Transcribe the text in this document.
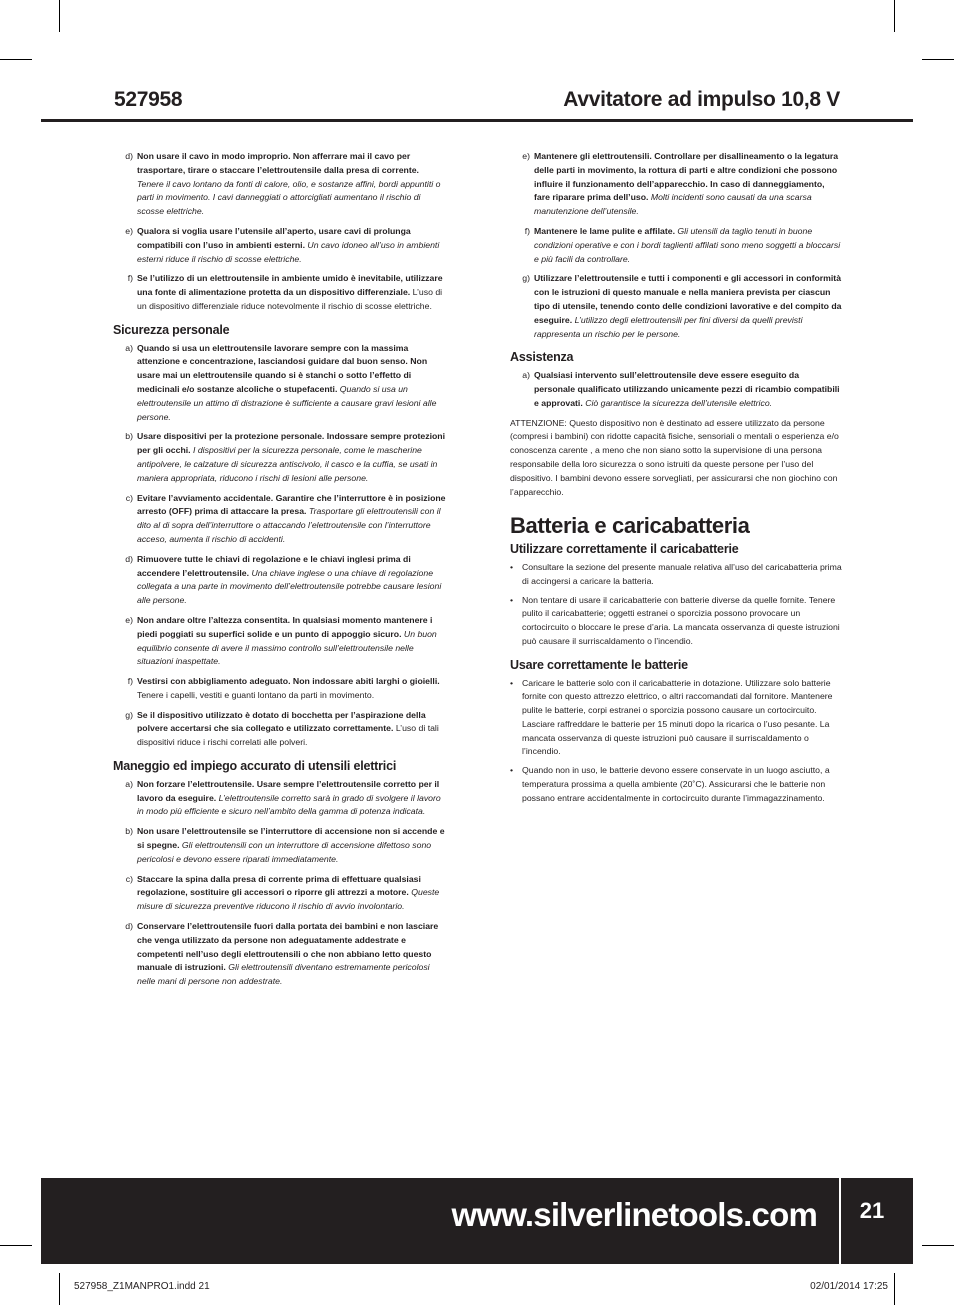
527958	Avvitatore ad impulso 10,8 V
d) Non usare il cavo in modo improprio. Non afferrare mai il cavo per trasportare, tirare o staccare l’elettroutensile dalla presa di corrente. Tenere il cavo lontano da fonti di calore, olio, e sostanze affini, bordi appuntiti o parti in movimento. I cavi danneggiati o attorcigliati aumentano il rischio di scosse elettriche.
e) Qualora si voglia usare l’utensile all’aperto, usare cavi di prolunga compatibili con l’uso in ambienti esterni. Un cavo idoneo all’uso in ambienti esterni riduce il rischio di scosse elettriche.
f) Se l’utilizzo di un elettroutensile in ambiente umido è inevitabile, utilizzare una fonte di alimentazione protetta da un dispositivo differenziale. L’uso di un dispositivo differenziale riduce notevolmente il rischio di scosse elettriche.
Sicurezza personale
a) Quando si usa un elettroutensile lavorare sempre con la massima attenzione e concentrazione, lasciandosi guidare dal buon senso. Non usare mai un elettroutensile quando si è stanchi o sotto l’effetto di medicinali e/o sostanze alcoliche o stupefacenti. Quando si usa un elettroutensile un attimo di distrazione è sufficiente a causare gravi lesioni alle persone.
b) Usare dispositivi per la protezione personale. Indossare sempre protezioni per gli occhi. I dispositivi per la sicurezza personale, come le mascherine antipolvere, le calzature di sicurezza antiscivolo, il casco e la cuffia, se usati in maniera appropriata, riducono i rischi di lesioni alle persone.
c) Evitare l’avviamento accidentale. Garantire che l’interruttore è in posizione arresto (OFF) prima di attaccare la presa. Trasportare gli elettroutensili con il dito al di sopra dell’interruttore o attaccando l’elettroutensile con l’interruttore acceso, aumenta il rischio di accidenti.
d) Rimuovere tutte le chiavi di regolazione e le chiavi inglesi prima di accendere l’elettroutensile. Una chiave inglese o una chiave di regolazione collegata a una parte in movimento dell’elettroutensile potrebbe causare lesioni alle persone.
e) Non andare oltre l’altezza consentita. In qualsiasi momento mantenere i piedi poggiati su superfici solide e un punto di appoggio sicuro. Un buon equilibrio consente di avere il massimo controllo sull’elettroutensile nelle situazioni inaspettate.
f) Vestirsi con abbigliamento adeguato. Non indossare abiti larghi o gioielli. Tenere i capelli, vestiti e guanti lontano da parti in movimento.
g) Se il dispositivo utilizzato è dotato di bocchetta per l’aspirazione della polvere accertarsi che sia collegato e utilizzato correttamente. L’uso di tali dispositivi riduce i rischi correlati alle polveri.
Maneggio ed impiego accurato di utensili elettrici
a) Non forzare l’elettroutensile. Usare sempre l’elettroutensile corretto per il lavoro da eseguire. L’elettroutensile corretto sarà in grado di svolgere il lavoro in modo più efficiente e sicuro nell’ambito della gamma di potenza indicata.
b) Non usare l’elettroutensile se l’interruttore di accensione non si accende e si spegne. Gli elettroutensili con un interruttore di accensione difettoso sono pericolosi e devono essere riparati immediatamente.
c) Staccare la spina dalla presa di corrente prima di effettuare qualsiasi regolazione, sostituire gli accessori o riporre gli attrezzi a motore. Queste misure di sicurezza preventive riducono il rischio di avvio involontario.
d) Conservare l’elettroutensile fuori dalla portata dei bambini e non lasciare che venga utilizzato da persone non adeguatamente addestrate e competenti nell’uso degli elettroutensili o che non abbiano letto questo manuale di istruzioni. Gli elettroutensili diventano estremamente pericolosi nelle mani di persone non addestrate.
e) Mantenere gli elettroutensili. Controllare per disallineamento o la legatura delle parti in movimento, la rottura di parti e altre condizioni che possono influire il funzionamento dell’apparecchio. In caso di danneggiamento, fare riparare prima dell’uso. Molti incidenti sono causati da una scarsa manutenzione dell’utensile.
f) Mantenere le lame pulite e affilate. Gli utensili da taglio tenuti in buone condizioni operative e con i bordi taglienti affilati sono meno soggetti a bloccarsi e più facili da controllare.
g) Utilizzare l’elettroutensile e tutti i componenti e gli accessori in conformità con le istruzioni di questo manuale e nella maniera prevista per ciascun tipo di utensile, tenendo conto delle condizioni lavorative e del compito da eseguire. L’utilizzo degli elettroutensili per fini diversi da quelli previsti rappresenta un rischio per le persone.
Assistenza
a) Qualsiasi intervento sull’elettroutensile deve essere eseguito da personale qualificato utilizzando unicamente pezzi di ricambio compatibili e approvati. Ciò garantisce la sicurezza dell’utensile elettrico.
ATTENZIONE: Questo dispositivo non è destinato ad essere utilizzato da persone (compresi i bambini) con ridotte capacità fisiche, sensoriali o mentali o esperienza e/o conoscenza carente , a meno che non siano sotto la supervisione di una persona responsabile della loro sicurezza o sono istruiti da queste persone per l’uso del dispositivo. I bambini devono essere sorvegliati, per assicurarsi che non giochino con l’apparecchio.
Batteria e caricabatteria
Utilizzare correttamente il caricabatterie
• Consultare la sezione del presente manuale relativa all’uso del caricabatteria prima di accingersi a caricare la batteria.
• Non tentare di usare il caricabatterie con batterie diverse da quelle fornite. Tenere pulito il caricabatterie; oggetti estranei o sporcizia possono provocare un cortocircuito o bloccare le prese d’aria. La mancata osservanza di queste istruzioni può causare il surriscaldamento o l’incendio.
Usare correttamente le batterie
• Caricare le batterie solo con il caricabatterie in dotazione. Utilizzare solo batterie fornite con questo attrezzo elettrico, o altri raccomandati dal fornitore. Mantenere pulite le batterie, corpi estranei o sporcizia possono causare un cortocircuito. Lasciare raffreddare le batterie per 15 minuti dopo la ricarica o l’uso pesante. La mancata osservanza di queste istruzioni può causare il surriscaldamento o l’incendio.
• Quando non in uso, le batterie devono essere conservate in un luogo asciutto, a temperatura prossima a quella ambiente (20˚C). Assicurarsi che le batterie non possano entrare accidentalmente in cortocircuito durante l’immagazzinamento.
www.silverlinetools.com	21
527958_Z1MANPRO1.indd 21	02/01/2014 17:25
